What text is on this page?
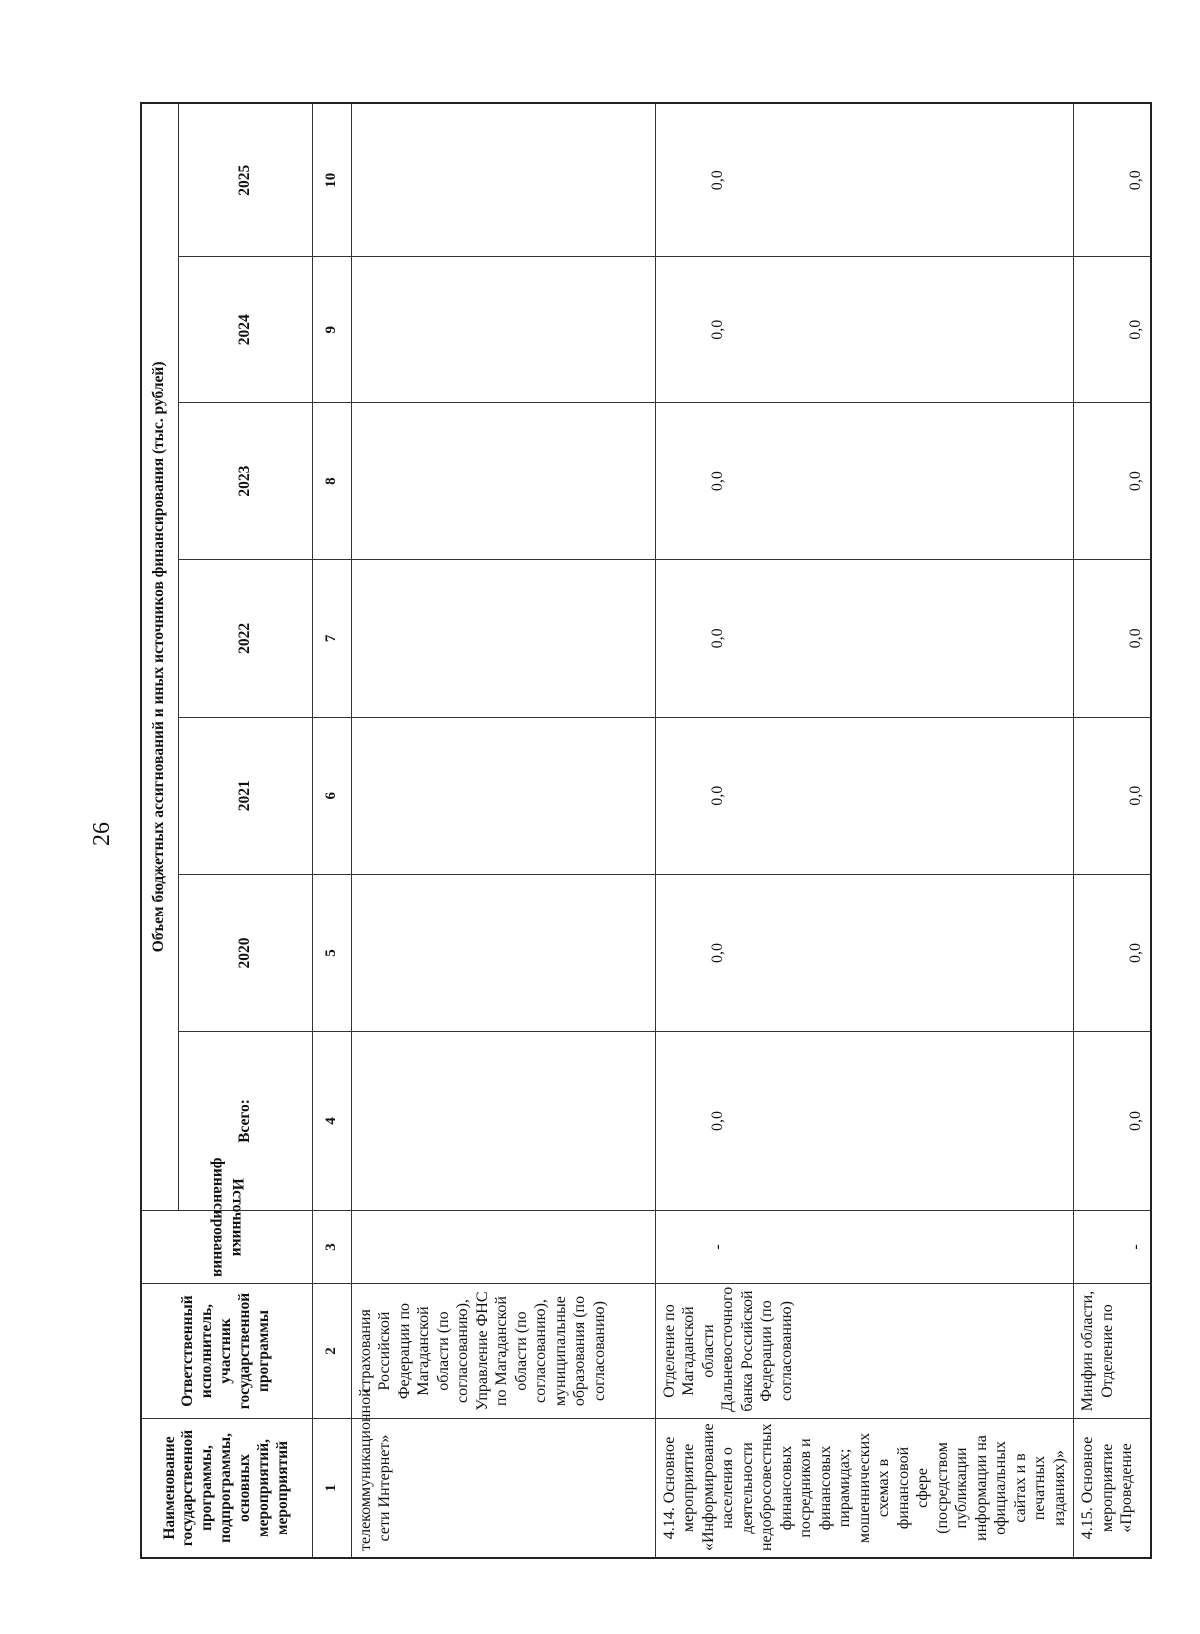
26
Наименование государственной программы, подпрограммы, основных мероприятий, мероприятий	Ответственный исполнитель, участник государственной программы	Источники финансирования	Объем бюджетных ассигнований и иных источников финансирования (тыс. рублей)						
			Всего:	2020	2021	2022	2023	2024	2025
1	2	3	4	5	6	7	8	9	10
телекоммуникационной сети Интернет»	страхования Российской Федерации по Магаданской области (по согласованию), Управление ФНС по Магаданской области (по согласованию), муниципальные образования (по согласованию)								
4.14. Основное мероприятие «Информирование населения о деятельности недобросовестных финансовых посредников и финансовых пирамидах; мошеннических схемах в финансовой сфере (посредством публикации информации на официальных сайтах и в печатных изданиях)»	Отделение по Магаданской области Дальневосточного банка Российской Федерации (по согласованию)	-	0,0	0,0	0,0	0,0	0,0	0,0	0,0
4.15. Основное мероприятие «Проведение	Минфин области, Отделение по	-	0,0	0,0	0,0	0,0	0,0	0,0	0,0
